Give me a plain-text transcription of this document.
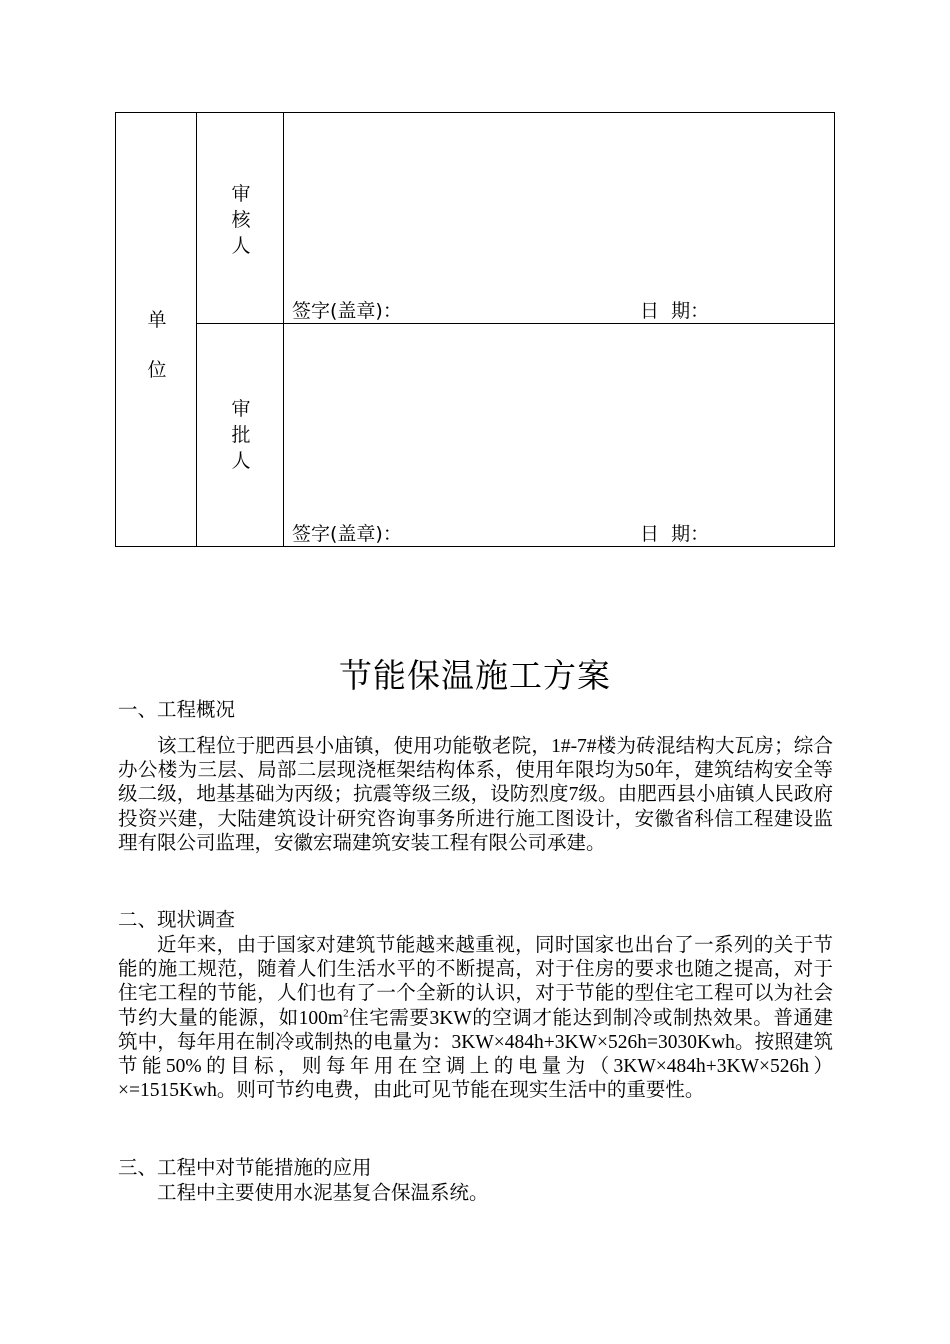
单
位
审
核
人
签字(盖章)：	日  期：
审
批
人
签字(盖章)：	日  期：
节能保温施工方案
一、工程概况

该工程位于肥西县小庙镇，使用功能敬老院，1#-7#楼为砖混结构大瓦房；综合办公楼为三层、局部二层现浇框架结构体系，使用年限均为50年，建筑结构安全等级二级，地基基础为丙级；抗震等级三级，设防烈度7级。由肥西县小庙镇人民政府投资兴建，大陆建筑设计研究咨询事务所进行施工图设计，安徽省科信工程建设监理有限公司监理，安徽宏瑞建筑安装工程有限公司承建。

二、现状调查

近年来，由于国家对建筑节能越来越重视，同时国家也出台了一系列的关于节能的施工规范，随着人们生活水平的不断提高，对于住房的要求也随之提高，对于住宅工程的节能，人们也有了一个全新的认识，对于节能的型住宅工程可以为社会节约大量的能源，如$100m^2$住宅需要3KW的空调才能达到制冷或制热效果。普通建筑中，每年用在制冷或制热的电量为：3KW×484h+3KW×526h=3030Kwh。按照建筑节能50%的目标，则每年用在空调上的电量为（3KW×484h+3KW×526h）×=1515Kwh。则可节约电费，由此可见节能在现实生活中的重要性。

三、工程中对节能措施的应用

工程中主要使用水泥基复合保温系统。
